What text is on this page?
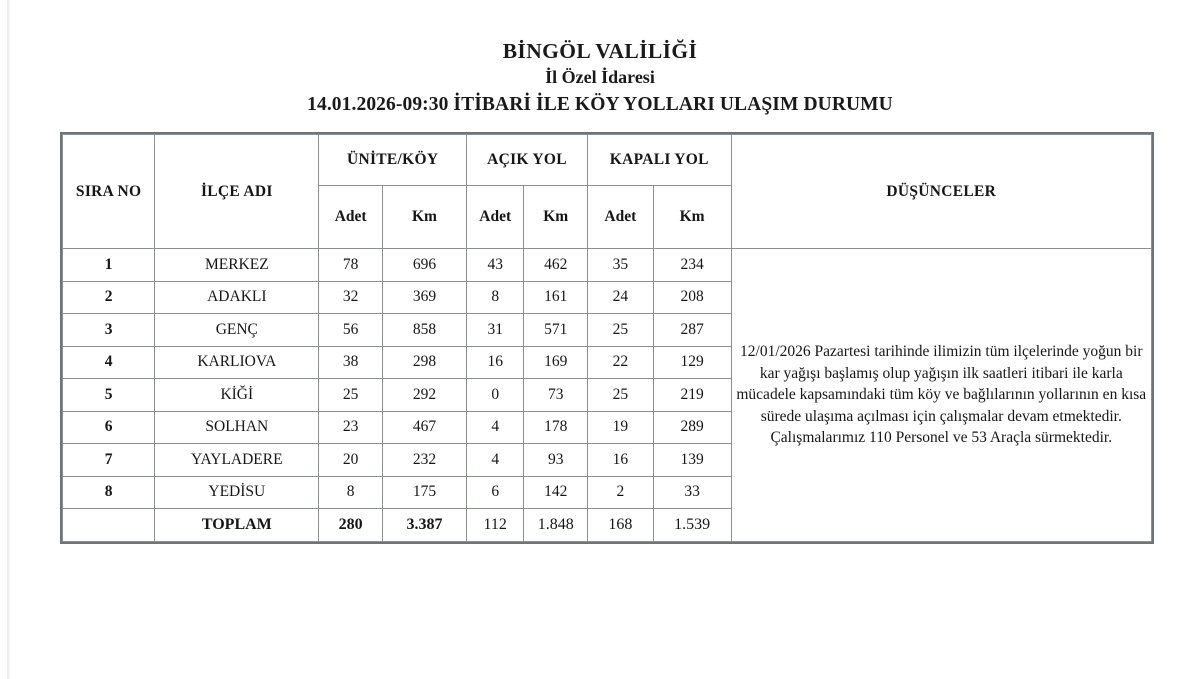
BİNGÖL VALİLİĞİ
İl Özel İdaresi
14.01.2026-09:30 İTİBARİ İLE KÖY YOLLARI ULAŞIM DURUMU
SIRA NO	İLÇE ADI	ÜNİTE/KÖY		AÇIK YOL		KAPALI YOL		DÜŞÜNCELER
		Adet	Km	Adet	Km	Adet	Km	
1	MERKEZ	78	696	43	462	35	234	12/01/2026 Pazartesi tarihinde ilimizin tüm ilçelerinde yoğun bir kar yağışı başlamış olup yağışın ilk saatleri itibari ile karla mücadele kapsamındaki tüm köy ve bağlılarının yollarının en kısa sürede ulaşıma açılması için çalışmalar devam etmektedir. Çalışmalarımız 110 Personel ve 53 Araçla sürmektedir.

2	ADAKLI	32	369	8	161	24	208	
3	GENÇ	56	858	31	571	25	287	
4	KARLIOVA	38	298	16	169	22	129	
5	KİĞİ	25	292	0	73	25	219	
6	SOLHAN	23	467	4	178	19	289	
7	YAYLADERE	20	232	4	93	16	139	
8	YEDİSU	8	175	6	142	2	33	
	TOPLAM	280	3.387	112	1.848	168	1.539	
